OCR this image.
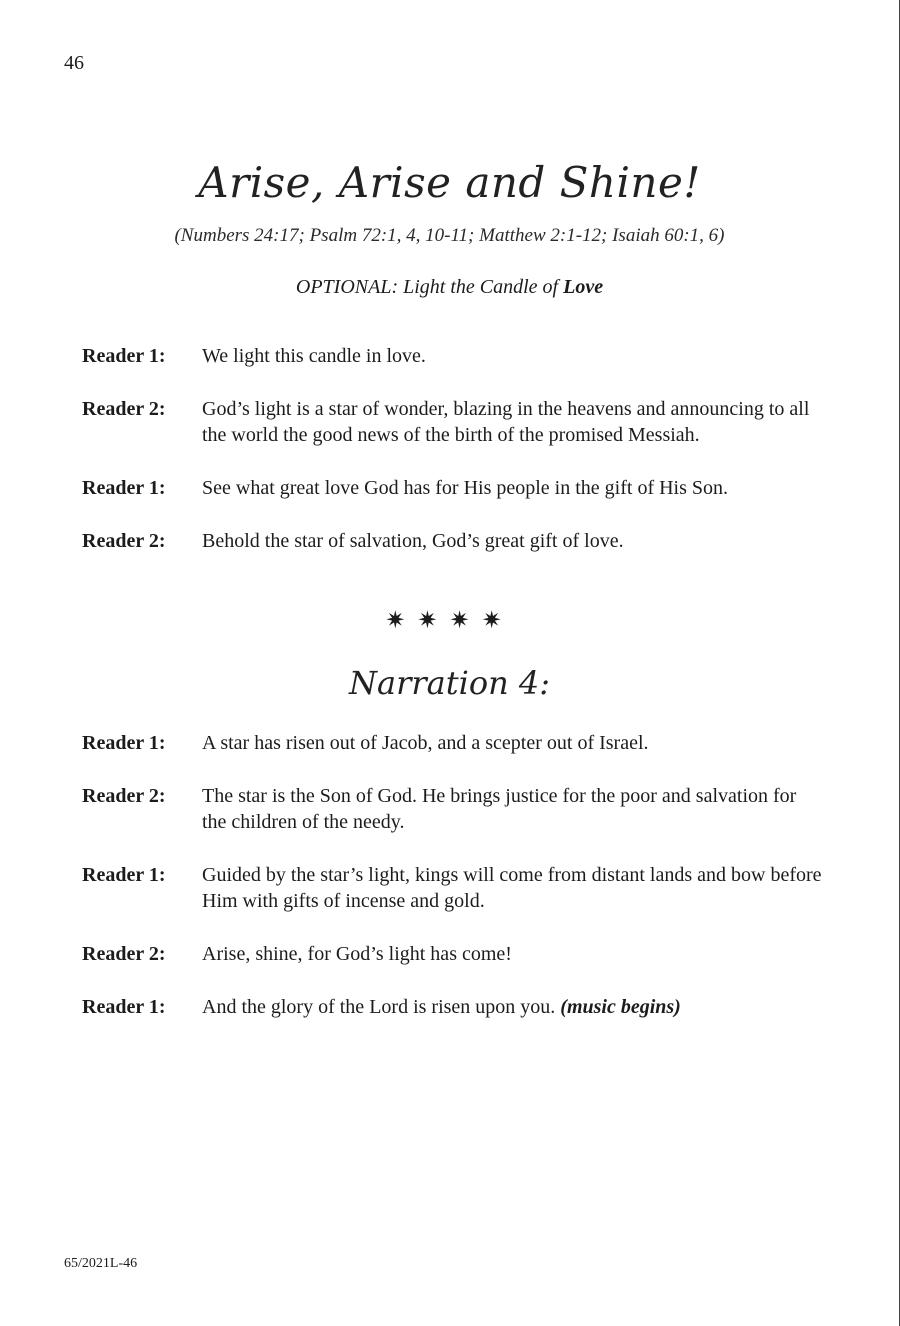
46
Arise, Arise and Shine!
(Numbers 24:17; Psalm 72:1, 4, 10-11; Matthew 2:1-12; Isaiah 60:1, 6)
OPTIONAL: Light the Candle of Love
Reader 1:	We light this candle in love.
Reader 2:	God’s light is a star of wonder, blazing in the heavens and announcing to all the world the good news of the birth of the promised Messiah.
Reader 1:	See what great love God has for His people in the gift of His Son.
Reader 2:	Behold the star of salvation, God’s great gift of love.
✷✷✷✷
Narration 4:
Reader 1:	A star has risen out of Jacob, and a scepter out of Israel.
Reader 2:	The star is the Son of God. He brings justice for the poor and salvation for the children of the needy.
Reader 1:	Guided by the star’s light, kings will come from distant lands and bow before Him with gifts of incense and gold.
Reader 2:	Arise, shine, for God’s light has come!
Reader 1:	And the glory of the Lord is risen upon you. (music begins)
65/2021L-46
